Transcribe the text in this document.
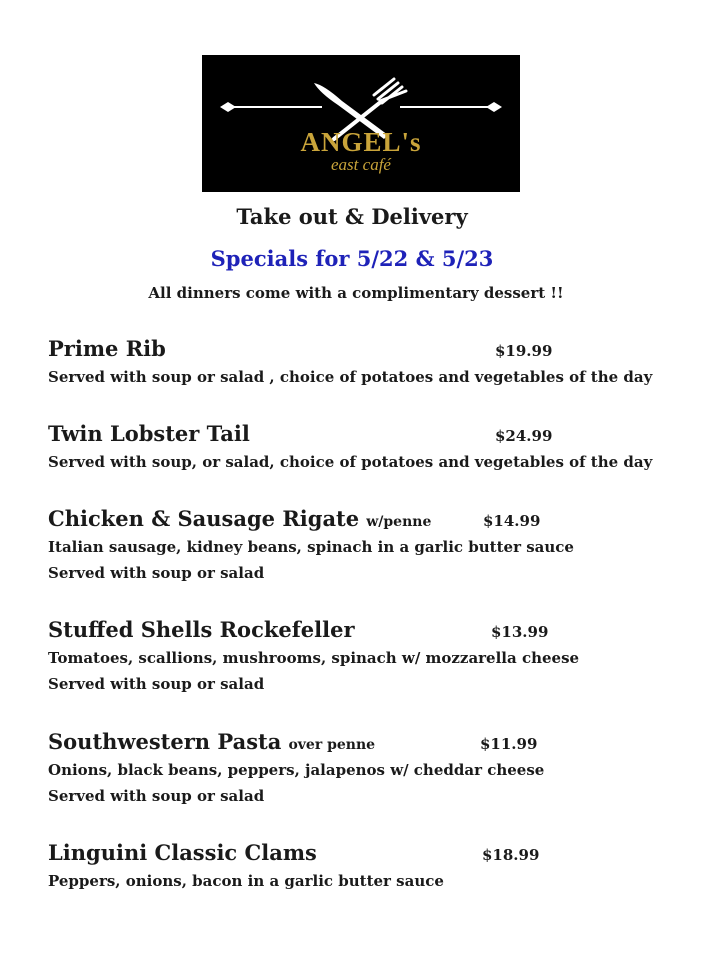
ANGEL's
east café
Take out & Delivery
Specials for 5/22 & 5/23
All dinners come with a complimentary dessert !!
Prime Rib	$19.99
Served with soup or salad , choice of potatoes and vegetables of the day
Twin Lobster Tail	$24.99
Served with soup, or salad, choice of potatoes and vegetables of the day
Chicken & Sausage Rigate w/penne	$14.99
Italian sausage, kidney beans, spinach in a garlic butter sauce
Served with soup or salad
Stuffed Shells Rockefeller	$13.99
Tomatoes, scallions, mushrooms, spinach w/ mozzarella cheese
Served with soup or salad
Southwestern Pasta over penne	$11.99
Onions, black beans, peppers, jalapenos w/ cheddar cheese
Served with soup or salad
Linguini Classic Clams	$18.99
Peppers, onions, bacon in a garlic butter sauce
